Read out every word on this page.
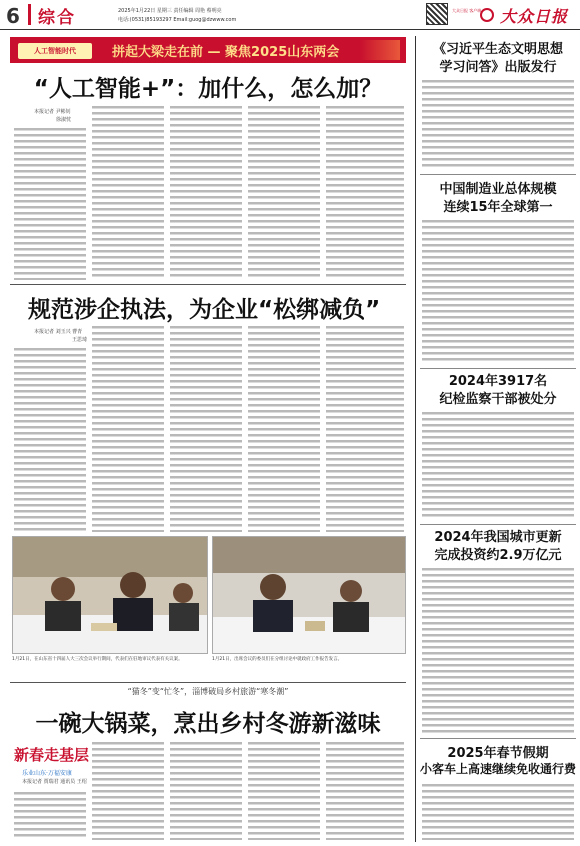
6 综合	2025年1月22日 星期三 责任编辑 周艳 蔡明亮
电话:(0531)85193297 Email:guog@dzwww.com
大众日报 客户端 大众日报
人工智能时代	拼起大梁走在前 — 聚焦2025山东两会
“人工智能+”：加什么，怎么加？
本报记者 尹彬钊
徐淑忱
规范涉企执法，为企业“松绑减负”
本报记者 刘玉兴 曹青
王思琦
1月21日，在山东省十四届人大三次会议举行期间，代表们在驻地审议代表有关议案。	1月21日，出席会议的委员们在分组讨论中就政府工作报告发言。
“猫冬”变“忙冬”，淄博破局乡村旅游“寒冬潮”
一碗大锅菜，烹出乡村冬游新滋味
新春走基层
乐业山东·万福安康
本报记者 贾瑞君 通讯员 王绍
《习近平生态文明思想
学习问答》出版发行
中国制造业总体规模
连续15年全球第一
2024年3917名
纪检监察干部被处分
2024年我国城市更新
完成投资约2.9万亿元
2025年春节假期
小客车上高速继续免收通行费
